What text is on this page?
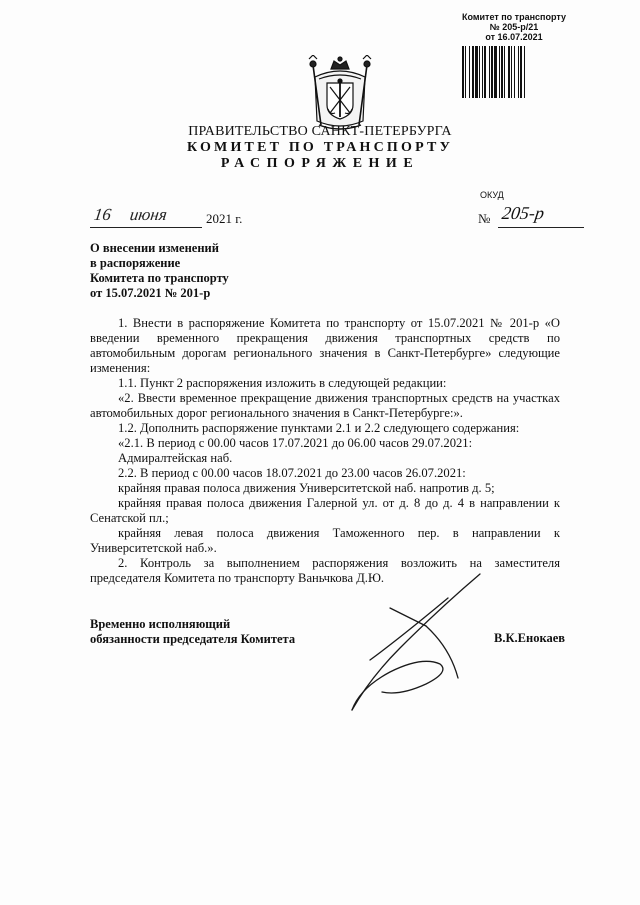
Комитет по транспорту
№ 205-р/21
от 16.07.2021
ПРАВИТЕЛЬСТВО САНКТ-ПЕТЕРБУРГА
КОМИТЕТ ПО ТРАНСПОРТУ
РАСПОРЯЖЕНИЕ
ОКУД
16 июня	2021 г.	№ 205-р
О внесении изменений
в распоряжение
Комитета по транспорту
от 15.07.2021 № 201-р

1. Внести в распоряжение Комитета по транспорту от 15.07.2021 № 201-р «О введении временного прекращения движения транспортных средств по автомобильным дорогам регионального значения в Санкт-Петербурге» следующие изменения:

1.1. Пункт 2 распоряжения изложить в следующей редакции:

«2. Ввести временное прекращение движения транспортных средств на участках автомобильных дорог регионального значения в Санкт-Петербурге:».

1.2. Дополнить распоряжение пунктами 2.1 и 2.2 следующего содержания:

«2.1. В период с 00.00 часов 17.07.2021 до 06.00 часов 29.07.2021:

Адмиралтейская наб.

2.2. В период с 00.00 часов 18.07.2021 до 23.00 часов 26.07.2021:

крайняя правая полоса движения Университетской наб. напротив д. 5;

крайняя правая полоса движения Галерной ул. от д. 8 до д. 4 в направлении к Сенатской пл.;

крайняя левая полоса движения Таможенного пер. в направлении к Университетской наб.».

2. Контроль за выполнением распоряжения возложить на заместителя председателя Комитета по транспорту Ваньчкова Д.Ю.

Временно исполняющий
обязанности председателя Комитета	В.К.Енокаев
